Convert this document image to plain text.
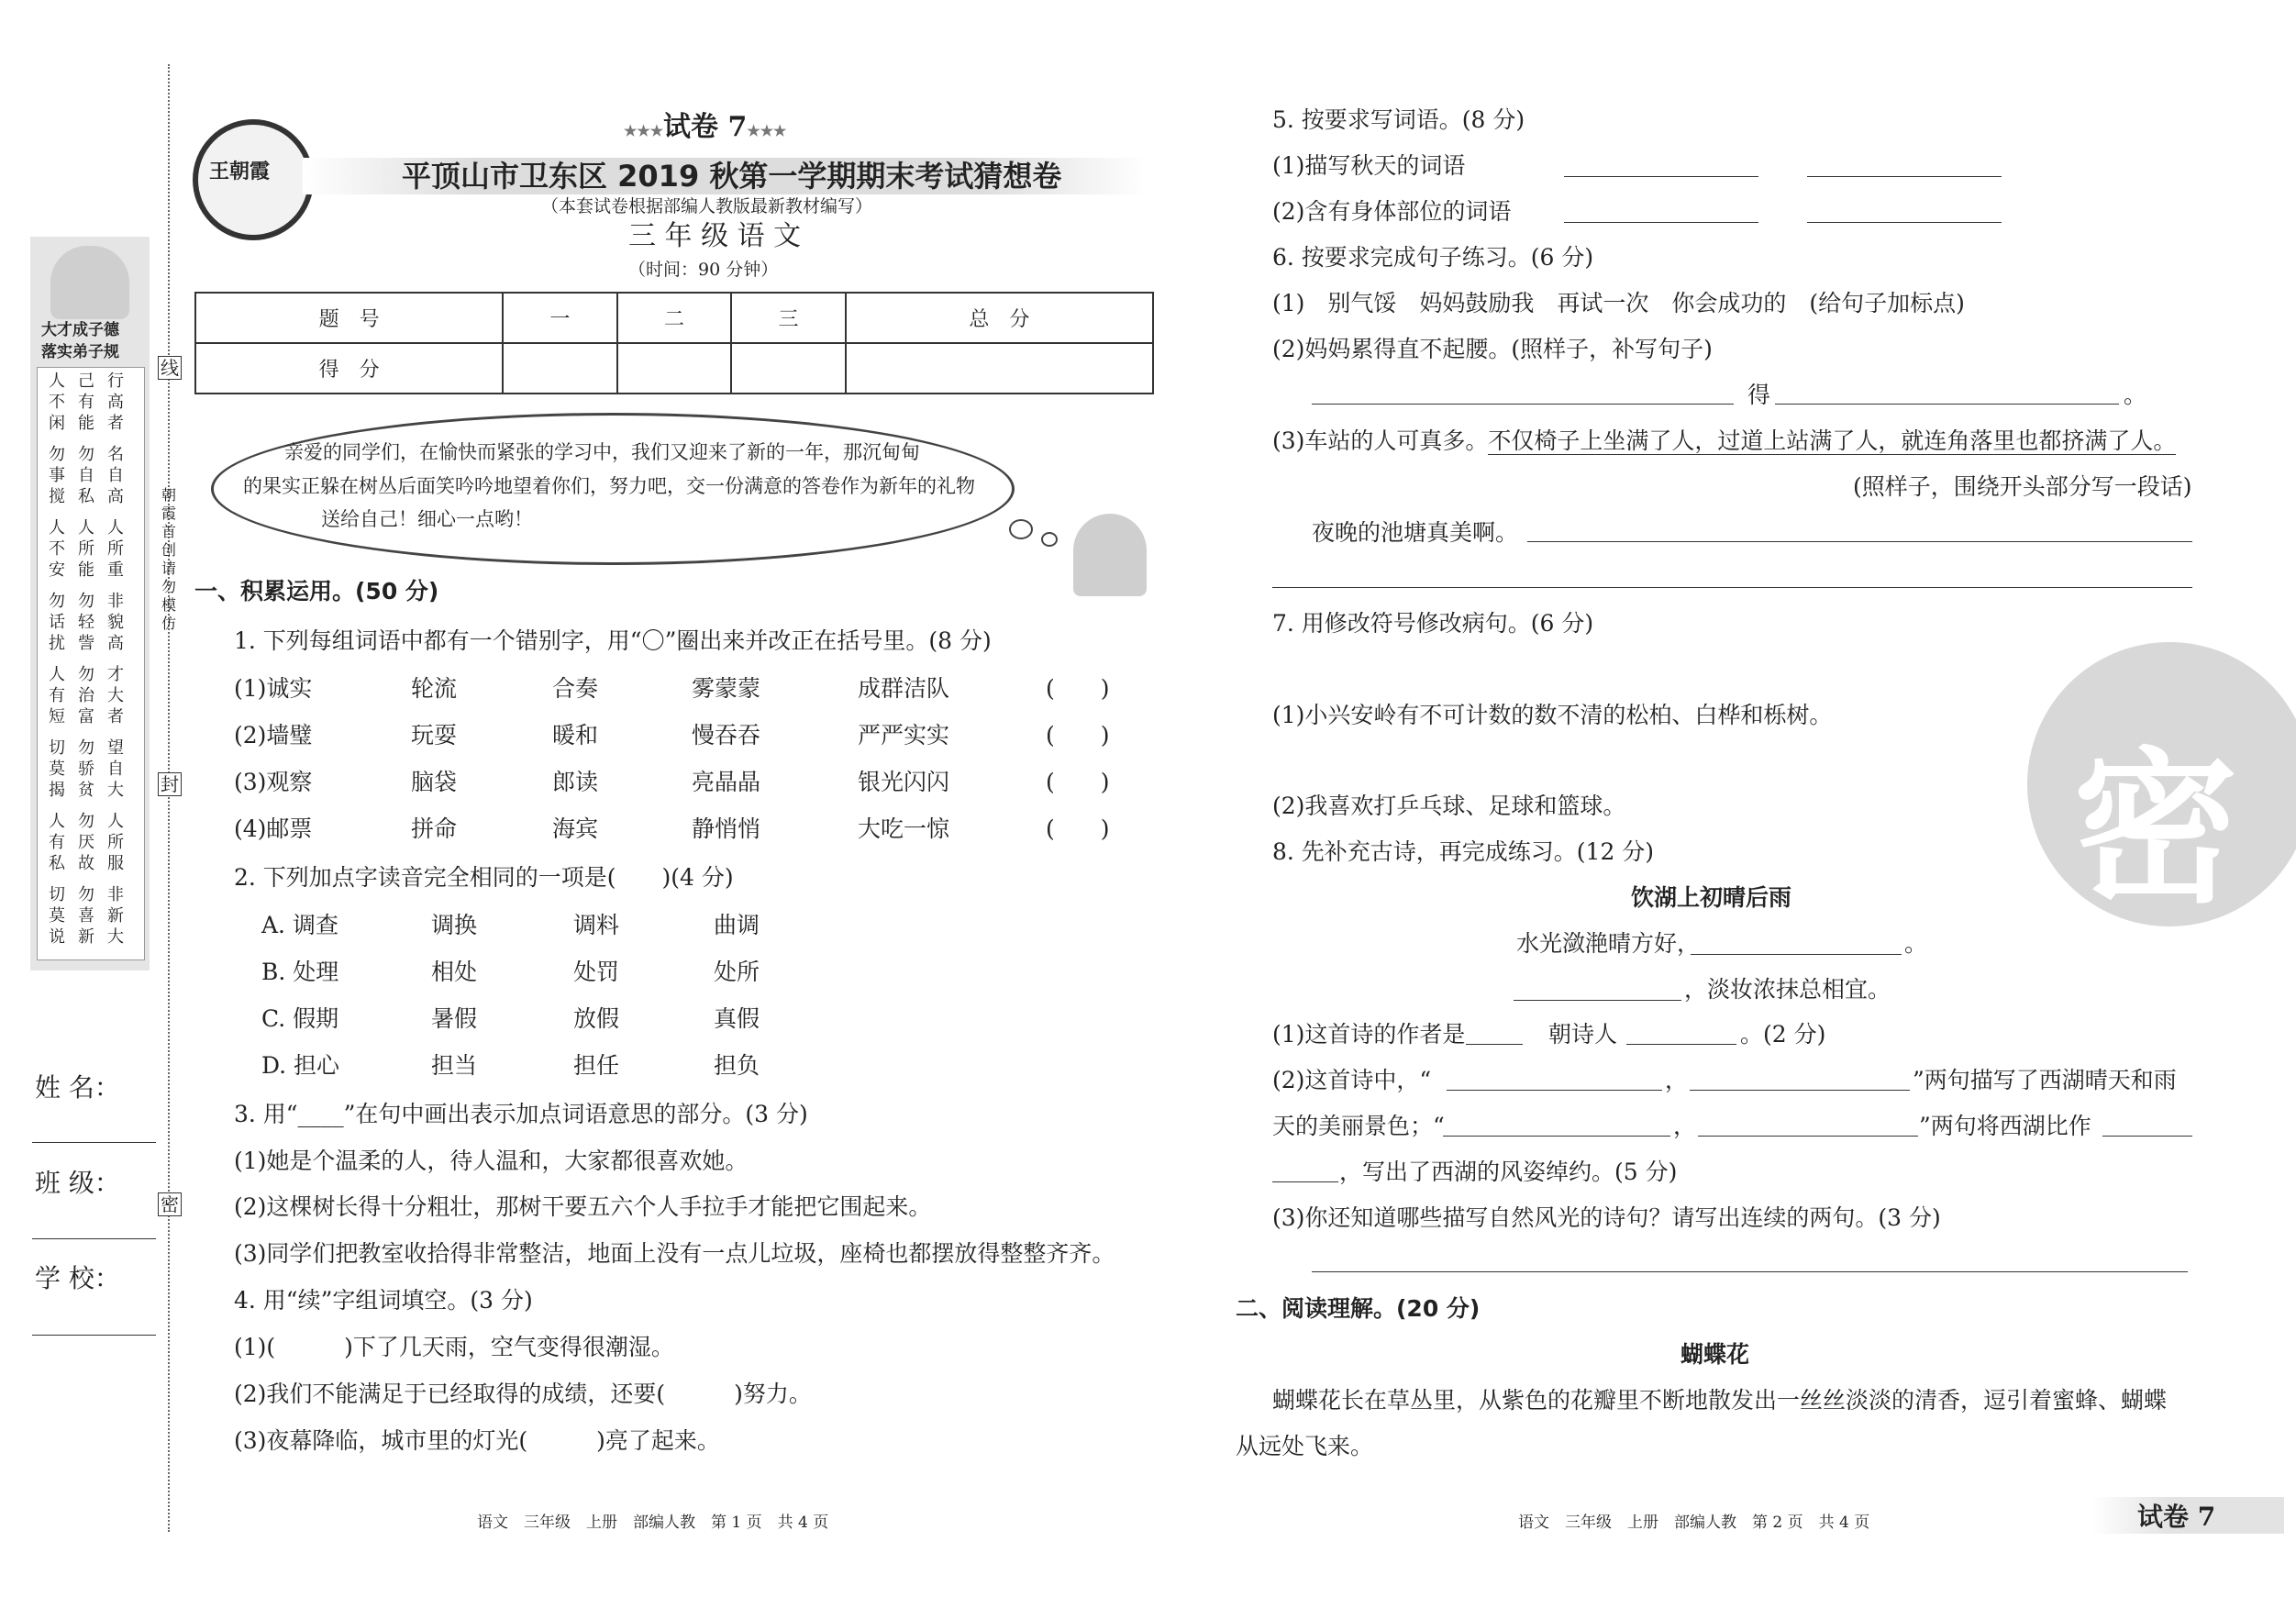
线
封
密
朝霞首创 请勿模仿
大才成子德
落实弟子规
人不闲
己有能
行高者
勿事搅
勿自私
名自高
人不安
人所能
人所重
勿话扰
勿轻訾
非貌高
人有短
勿治富
才大者
切莫揭
勿骄贫
望自大
人有私
勿厌故
人所服
切莫说
勿喜新
非新大
姓 名：
班 级：
学 校：
王朝霞
★★★试卷 7★★★
平顶山市卫东区 2019 秋第一学期期末考试猜想卷
（本套试卷根据部编人教版最新教材编写）
三 年 级 语 文
（时间：90 分钟）
题　号	一	二	三	总　分
得　分				
亲爱的同学们，在愉快而紧张的学习中，我们又迎来了新的一年，那沉甸甸
的果实正躲在树丛后面笑吟吟地望着你们，努力吧，交一份满意的答卷作为新年的礼物
送给自己！细心一点哟！
一、积累运用。(50 分)
1. 下列每组词语中都有一个错别字，用“〇”圈出来并改正在括号里。(8 分)
(1)诚实	轮流	合奏	雾蒙蒙	成群洁队	(　　)
(2)墙璧	玩耍	暖和	慢吞吞	严严实实	(　　)
(3)观察	脑袋	郎读	亮晶晶	银光闪闪	(　　)
(4)邮票	拼命	海宾	静悄悄	大吃一惊	(　　)
2. 下列加点字读音完全相同的一项是(　　)(4 分)
A. 调查	调换	调料	曲调
B. 处理	相处	处罚	处所
C. 假期	暑假	放假	真假
D. 担心	担当	担任	担负
3. 用“____”在句中画出表示加点词语意思的部分。(3 分)
(1)她是个温柔的人，待人温和，大家都很喜欢她。
(2)这棵树长得十分粗壮，那树干要五六个人手拉手才能把它围起来。
(3)同学们把教室收拾得非常整洁，地面上没有一点儿垃圾，座椅也都摆放得整整齐齐。
4. 用“续”字组词填空。(3 分)
(1)(　　　)下了几天雨，空气变得很潮湿。
(2)我们不能满足于已经取得的成绩，还要(　　　)努力。
(3)夜幕降临，城市里的灯光(　　　)亮了起来。
语文　三年级　上册　部编人教　第 1 页　共 4 页
5. 按要求写词语。(8 分)
(1)描写秋天的词语
(2)含有身体部位的词语
6. 按要求完成句子练习。(6 分)
(1)　别气馁　妈妈鼓励我　再试一次　你会成功的　(给句子加标点)
(2)妈妈累得直不起腰。(照样子，补写句子)
得	。
(3)车站的人可真多。不仅椅子上坐满了人，过道上站满了人，就连角落里也都挤满了人。
(照样子，围绕开头部分写一段话)
夜晚的池塘真美啊。
7. 用修改符号修改病句。(6 分)
(1)小兴安岭有不可计数的数不清的松柏、白桦和栎树。
(2)我喜欢打乒乓球、足球和篮球。
8. 先补充古诗，再完成练习。(12 分)
饮湖上初晴后雨
水光潋滟晴方好，	。
，淡妆浓抹总相宜。
(1)这首诗的作者是	朝诗人	。(2 分)
(2)这首诗中，“	，	”两句描写了西湖晴天和雨
天的美丽景色；“	，	”两句将西湖比作
，写出了西湖的风姿绰约。(5 分)
(3)你还知道哪些描写自然风光的诗句？请写出连续的两句。(3 分)
二、阅读理解。(20 分)
蝴蝶花
蝴蝶花长在草丛里，从紫色的花瓣里不断地散发出一丝丝淡淡的清香，逗引着蜜蜂、蝴蝶
从远处飞来。
语文　三年级　上册　部编人教　第 2 页　共 4 页	试卷 7
密
